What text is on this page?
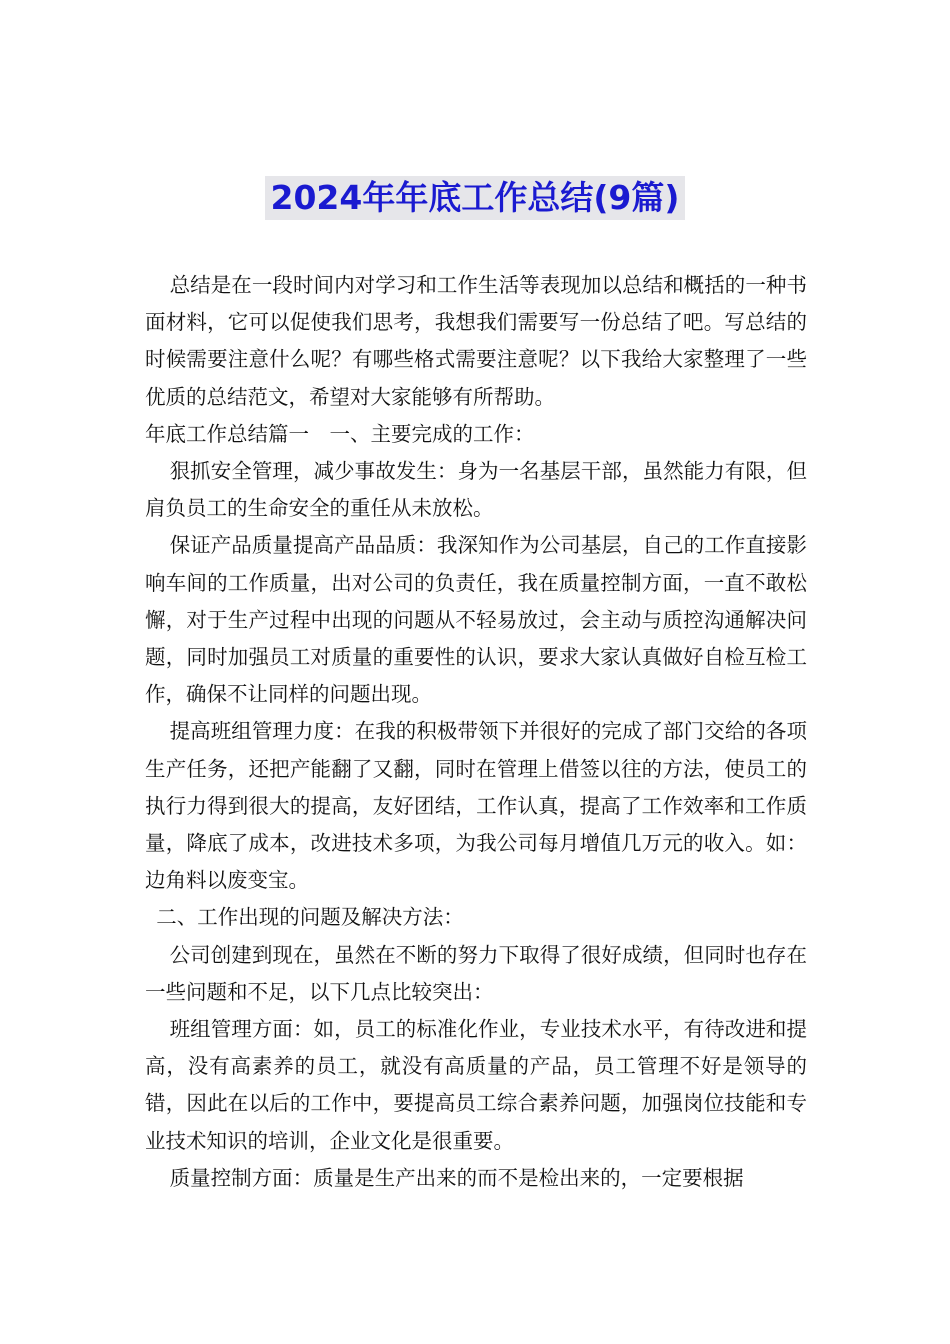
2024年年底工作总结(9篇)

总结是在一段时间内对学习和工作生活等表现加以总结和概括的一种书面材料，它可以促使我们思考，我想我们需要写一份总结了吧。写总结的时候需要注意什么呢？有哪些格式需要注意呢？以下我给大家整理了一些优质的总结范文，希望对大家能够有所帮助。

年底工作总结篇一　一、主要完成的工作：

狠抓安全管理，减少事故发生：身为一名基层干部，虽然能力有限，但肩负员工的生命安全的重任从未放松。

保证产品质量提高产品品质：我深知作为公司基层，自己的工作直接影响车间的工作质量，出对公司的负责任，我在质量控制方面，一直不敢松懈，对于生产过程中出现的问题从不轻易放过，会主动与质控沟通解决问题，同时加强员工对质量的重要性的认识，要求大家认真做好自检互检工作，确保不让同样的问题出现。

提高班组管理力度：在我的积极带领下并很好的完成了部门交给的各项生产任务，还把产能翻了又翻，同时在管理上借签以往的方法，使员工的执行力得到很大的提高，友好团结，工作认真，提高了工作效率和工作质量，降底了成本，改进技术多项，为我公司每月增值几万元的收入。如：边角料以废变宝。

二、工作出现的问题及解决方法：

公司创建到现在，虽然在不断的努力下取得了很好成绩，但同时也存在一些问题和不足，以下几点比较突出：

班组管理方面：如，员工的标准化作业，专业技术水平，有待改进和提高，没有高素养的员工，就没有高质量的产品，员工管理不好是领导的错，因此在以后的工作中，要提高员工综合素养问题，加强岗位技能和专业技术知识的培训，企业文化是很重要。

质量控制方面：质量是生产出来的而不是检出来的，一定要根据
